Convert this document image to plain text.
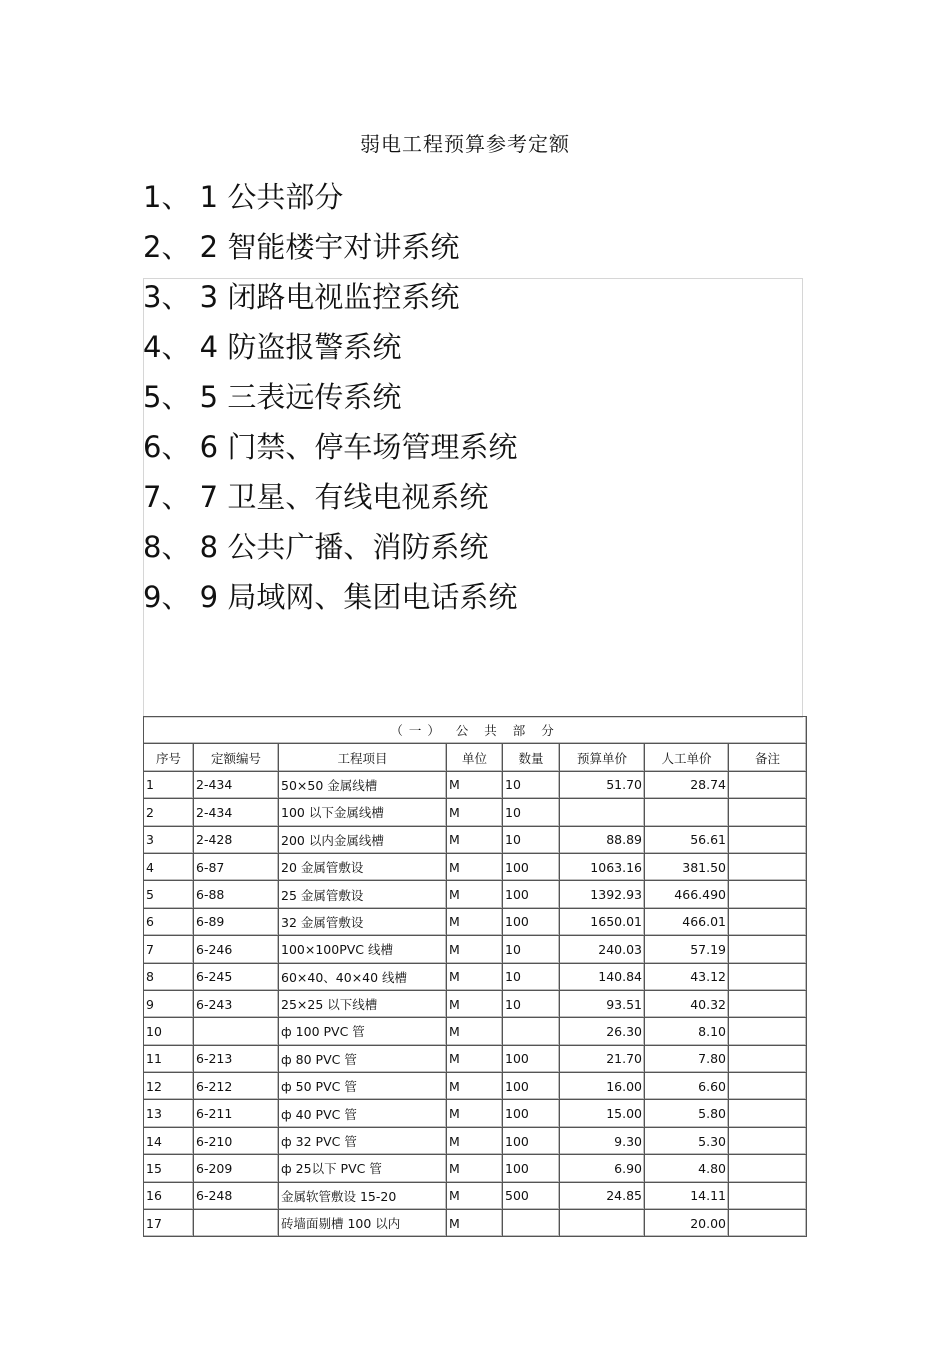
弱电工程预算参考定额
1、 1 公共部分
2、 2 智能楼宇对讲系统
3、 3 闭路电视监控系统
4、 4 防盗报警系统
5、 5 三表远传系统
6、 6 门禁、停车场管理系统
7、 7 卫星、有线电视系统
8、 8 公共广播、消防系统
9、 9 局域网、集团电话系统
（一） 公 共 部 分							
序号	定额编号	工程项目	单位	数量	预算单价	人工单价	备注
1	2-434	50×50 金属线槽	M	10	51.70	28.74	
2	2-434	100 以下金属线槽	M	10			
3	2-428	200 以内金属线槽	M	10	88.89	56.61	
4	6-87	20 金属管敷设	M	100	1063.16	381.50	
5	6-88	25 金属管敷设	M	100	1392.93	466.490	
6	6-89	32 金属管敷设	M	100	1650.01	466.01	
7	6-246	100×100PVC 线槽	M	10	240.03	57.19	
8	6-245	60×40、40×40 线槽	M	10	140.84	43.12	
9	6-243	25×25 以下线槽	M	10	93.51	40.32	
10		ф 100 PVC 管	M		26.30	8.10	
11	6-213	ф 80 PVC 管	M	100	21.70	7.80	
12	6-212	ф 50 PVC 管	M	100	16.00	6.60	
13	6-211	ф 40 PVC 管	M	100	15.00	5.80	
14	6-210	ф 32 PVC 管	M	100	9.30	5.30	
15	6-209	ф 25以下 PVC 管	M	100	6.90	4.80	
16	6-248	金属软管敷设 15-20	M	500	24.85	14.11	
17		砖墙面剔槽 100 以内	M			20.00	
